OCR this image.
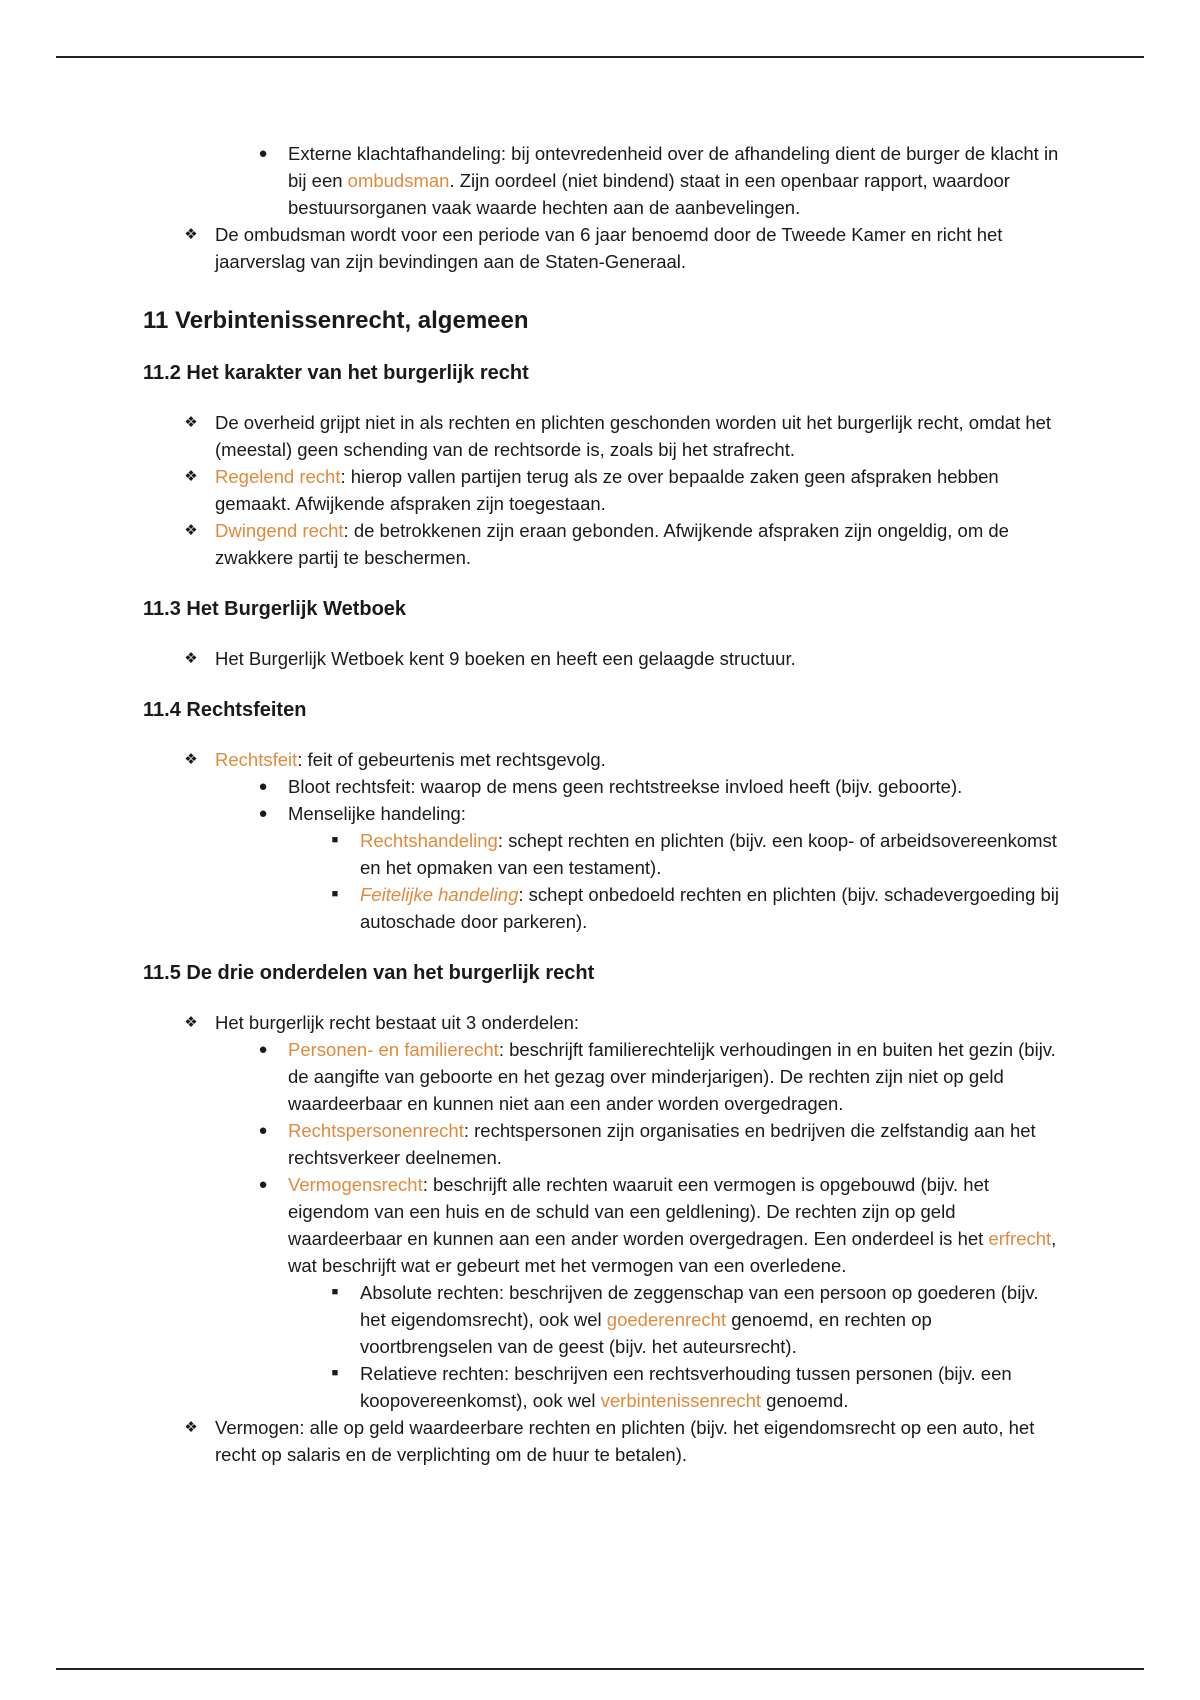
●	Externe klachtafhandeling: bij ontevredenheid over de afhandeling dient de burger de klacht in bij een ombudsman. Zijn oordeel (niet bindend) staat in een openbaar rapport, waardoor bestuursorganen vaak waarde hechten aan de aanbevelingen.

❖ De ombudsman wordt voor een periode van 6 jaar benoemd door de Tweede Kamer en richt het jaarverslag van zijn bevindingen aan de Staten-Generaal.

11 Verbintenissenrecht, algemeen
11.2 Het karakter van het burgerlijk recht

❖ De overheid grijpt niet in als rechten en plichten geschonden worden uit het burgerlijk recht, omdat het (meestal) geen schending van de rechtsorde is, zoals bij het strafrecht.

❖ Regelend recht: hierop vallen partijen terug als ze over bepaalde zaken geen afspraken hebben gemaakt. Afwijkende afspraken zijn toegestaan.

❖ Dwingend recht: de betrokkenen zijn eraan gebonden. Afwijkende afspraken zijn ongeldig, om de zwakkere partij te beschermen.

11.3 Het Burgerlijk Wetboek

❖ Het Burgerlijk Wetboek kent 9 boeken en heeft een gelaagde structuur.

11.4 Rechtsfeiten

❖ Rechtsfeit: feit of gebeurtenis met rechtsgevolg.

●	Bloot rechtsfeit: waarop de mens geen rechtstreekse invloed heeft (bijv. geboorte).

●	Menselijke handeling:

■	Rechtshandeling: schept rechten en plichten (bijv. een koop- of arbeidsovereenkomst en het opmaken van een testament).

■	Feitelijke handeling: schept onbedoeld rechten en plichten (bijv. schadevergoeding bij autoschade door parkeren).

11.5 De drie onderdelen van het burgerlijk recht

❖ Het burgerlijk recht bestaat uit 3 onderdelen:

●	Personen- en familierecht: beschrijft familierechtelijk verhoudingen in en buiten het gezin (bijv. de aangifte van geboorte en het gezag over minderjarigen). De rechten zijn niet op geld waardeerbaar en kunnen niet aan een ander worden overgedragen.

●	Rechtspersonenrecht: rechtspersonen zijn organisaties en bedrijven die zelfstandig aan het rechtsverkeer deelnemen.

●	Vermogensrecht: beschrijft alle rechten waaruit een vermogen is opgebouwd (bijv. het eigendom van een huis en de schuld van een geldlening). De rechten zijn op geld waardeerbaar en kunnen aan een ander worden overgedragen. Een onderdeel is het erfrecht, wat beschrijft wat er gebeurt met het vermogen van een overledene.

■	Absolute rechten: beschrijven de zeggenschap van een persoon op goederen (bijv. het eigendomsrecht), ook wel goederenrecht genoemd, en rechten op voortbrengselen van de geest (bijv. het auteursrecht).

■	Relatieve rechten: beschrijven een rechtsverhouding tussen personen (bijv. een koopovereenkomst), ook wel verbintenissenrecht genoemd.

❖ Vermogen: alle op geld waardeerbare rechten en plichten (bijv. het eigendomsrecht op een auto, het recht op salaris en de verplichting om de huur te betalen).
